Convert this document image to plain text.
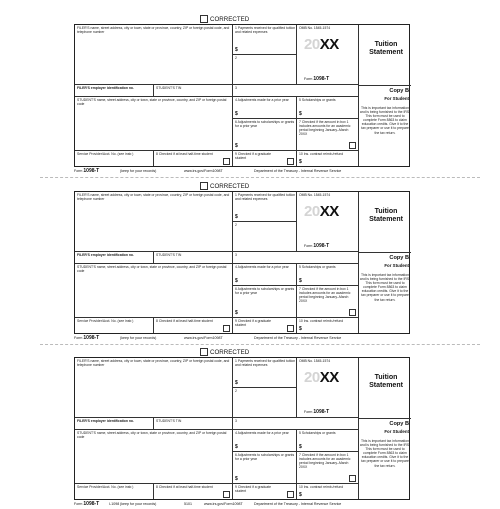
CORRECTED
FILER'S name, street address, city or town, state or province, country, ZIP or foreign postal code, and telephone number
1 Payments received for qualified tuition and related expenses
$
2
OMB No. 1545-1574
20XX
Form 1098-T
Tuition Statement
FILER'S employer identification no.	STUDENT'S TIN	3
STUDENT'S name, street address, city or town, state or province, country, and ZIP or foreign postal code
4 Adjustments made for a prior year
$
5 Scholarships or grants
$
6 Adjustments to scholarships or grants for a prior year
$
7 Checked if the amount in box 1 includes amounts for an academic period beginning January–March 20XX
Copy B
For Student
This is important tax information and is being furnished to the IRS. This form must be used to complete Form 8863 to claim education credits. Give it to the tax preparer or use it to prepare the tax return.
Service Provider/Acct. No. (see instr.)	8 Checked if at least half-time student	9 Checked if a graduate student
10 Ins. contract reimb./refund
$
Form 1098-T	(keep for your records)	www.irs.gov/Form1098T	Department of the Treasury - Internal Revenue Service
CORRECTED
FILER'S name, street address, city or town, state or province, country, ZIP or foreign postal code, and telephone number
1 Payments received for qualified tuition and related expenses
$
2
OMB No. 1545-1574
20XX
Form 1098-T
Tuition Statement
FILER'S employer identification no.	STUDENT'S TIN	3
STUDENT'S name, street address, city or town, state or province, country, and ZIP or foreign postal code
4 Adjustments made for a prior year
$
5 Scholarships or grants
$
6 Adjustments to scholarships or grants for a prior year
$
7 Checked if the amount in box 1 includes amounts for an academic period beginning January–March 20XX
Copy B
For Student
This is important tax information and is being furnished to the IRS. This form must be used to complete Form 8863 to claim education credits. Give it to the tax preparer or use it to prepare the tax return.
Service Provider/Acct. No. (see instr.)	8 Checked if at least half-time student	9 Checked if a graduate student
10 Ins. contract reimb./refund
$
Form 1098-T	(keep for your records)	www.irs.gov/Form1098T	Department of the Treasury - Internal Revenue Service
CORRECTED
FILER'S name, street address, city or town, state or province, country, ZIP or foreign postal code, and telephone number
1 Payments received for qualified tuition and related expenses
$
2
OMB No. 1545-1574
20XX
Form 1098-T
Tuition Statement
FILER'S employer identification no.	STUDENT'S TIN	3
STUDENT'S name, street address, city or town, state or province, country, and ZIP or foreign postal code
4 Adjustments made for a prior year
$
5 Scholarships or grants
$
6 Adjustments to scholarships or grants for a prior year
$
7 Checked if the amount in box 1 includes amounts for an academic period beginning January–March 20XX
Copy B
For Student
This is important tax information and is being furnished to the IRS. This form must be used to complete Form 8863 to claim education credits. Give it to the tax preparer or use it to prepare the tax return.
Service Provider/Acct. No. (see instr.)	8 Checked if at least half-time student	9 Checked if a graduate student
10 Ins. contract reimb./refund
$
Form 1098-T	L1098 (keep for your records)	5101	www.irs.gov/Form1098T	Department of the Treasury - Internal Revenue Service
